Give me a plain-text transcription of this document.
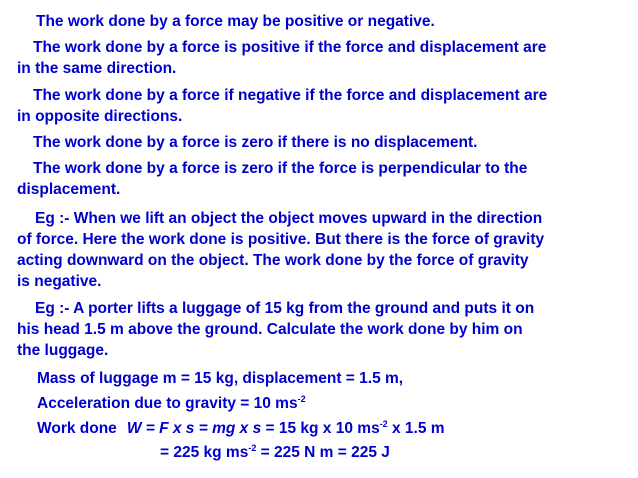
The work done by a force may be positive or negative.
The work done by a force is positive if the force and displacement are
in the same direction.
The work done by a force if negative if the force and displacement are
in opposite directions.
The work done by a force is zero if there is no displacement.
The work done by a force is zero if the force is perpendicular to the
displacement.
Eg :- When we lift an object the object moves upward in the direction
of force. Here the work done is positive. But there is the force of gravity
acting downward on the object. The work done by the force of gravity
is negative.
Eg :- A porter lifts a luggage of 15 kg from the ground and puts it on
his head 1.5 m above the ground. Calculate the work done by him on
the luggage.
Mass of luggage m = 15 kg, displacement = 1.5 m,
Acceleration due to gravity = 10 $ms^{-2}$
Work done W = F x s = mg x s = 15 kg x 10 $ms^{-2}$ x 1.5 m
= 225 kg $ms^{-2} = 225$ N m = 225 J
